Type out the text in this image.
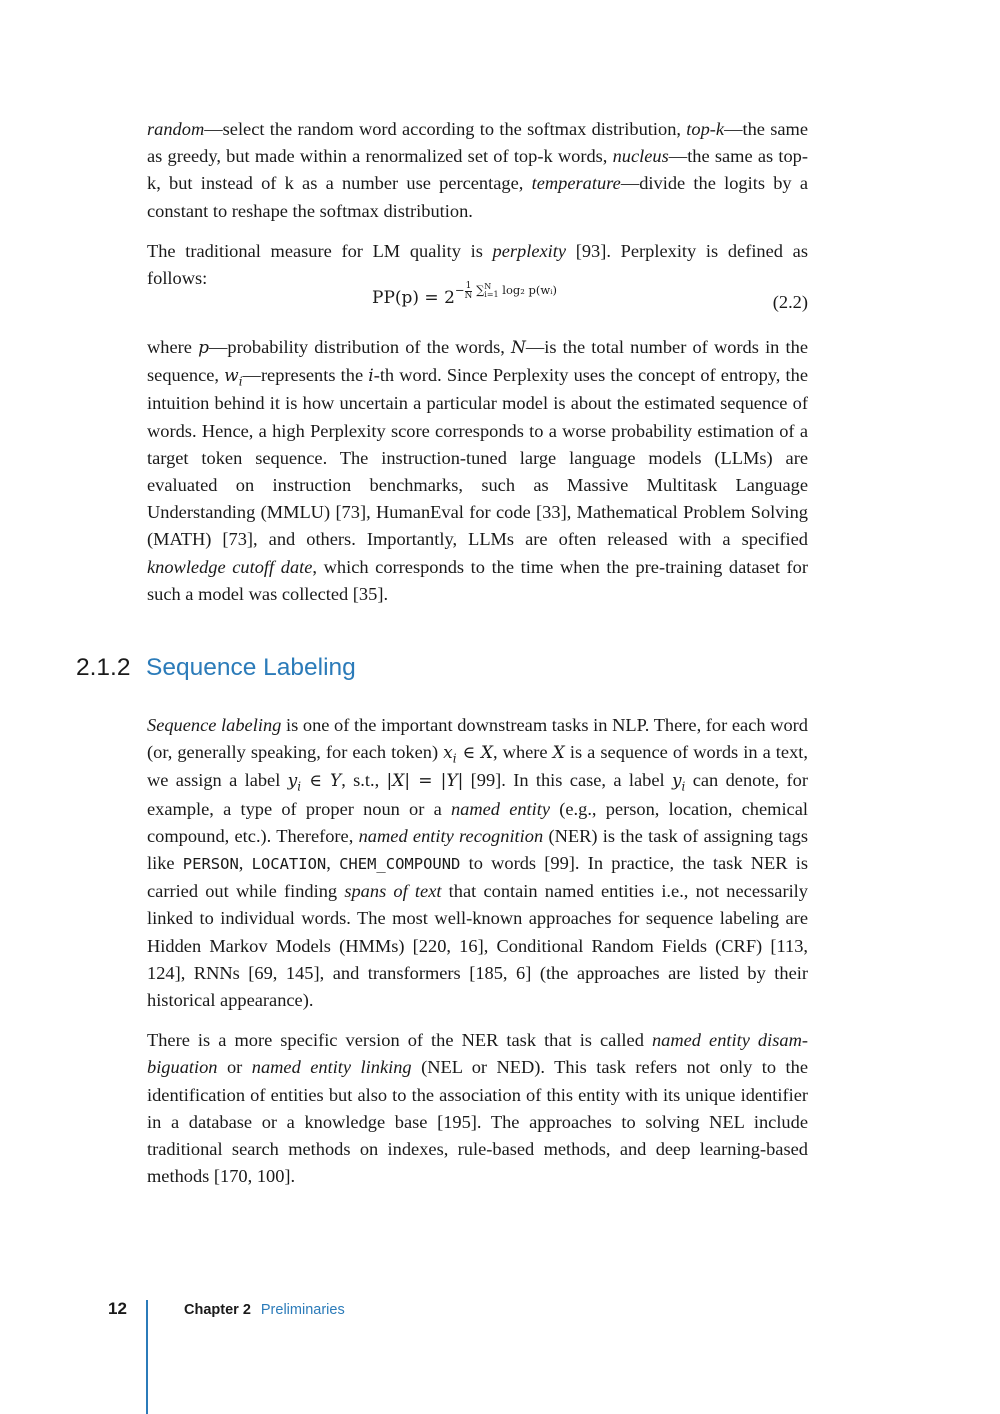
random—select the random word according to the softmax distribution, top-k—the same as greedy, but made within a renormalized set of top-k words, nucleus—the same as top-k, but instead of k as a number use percentage, temperature—divide the logits by a constant to reshape the softmax distribution.

The traditional measure for LM quality is perplexity [93]. Perplexity is defined as follows:

$PP(p) = 2^{- \frac{1}{N} \sum N i=1 log_2 p(wᵢ)}$
(2.2)

where p—probability distribution of the words, N—is the total number of words in the sequence, $w_i—represents$ the i-th word. Since Perplexity uses the concept of entropy, the intuition behind it is how uncertain a particular model is about the estimated sequence of words. Hence, a high Perplexity score corresponds to a worse probability estimation of a target token sequence. The instruction-tuned large language models (LLMs) are evaluated on instruction benchmarks, such as Massive Multitask Language Understanding (MMLU) [73], HumanEval for code [33], Mathematical Problem Solving (MATH) [73], and others. Importantly, LLMs are often released with a specified knowledge cutoff date, which corresponds to the time when the pre-training dataset for such a model was collected [35].

2.1.2 Sequence Labeling

Sequence labeling is one of the important downstream tasks in NLP. There, for each word (or, generally speaking, for each token) $x_i$ ∈ X, where X is a sequence of words in a text, we assign a label $y_i$ ∈ Y, s.t., |X| = |Y| [99]. In this case, a label $y_i$ can denote, for example, a type of proper noun or a named entity (e.g., person, location, chemical compound, etc.). Therefore, named entity recognition (NER) is the task of assigning tags like PERSON, LOCATION, CHEM_COMPOUND to words [99]. In practice, the task NER is carried out while finding spans of text that contain named entities i.e., not necessarily linked to individual words. The most well-known approaches for sequence labeling are Hidden Markov Models (HMMs) [220, 16], Conditional Random Fields (CRF) [113, 124], RNNs [69, 145], and transformers [185, 6] (the approaches are listed by their historical appearance).

There is a more specific version of the NER task that is called named entity disambiguation or named entity linking (NEL or NED). This task refers not only to the identification of entities but also to the association of this entity with its unique identifier in a database or a knowledge base [195]. The approaches to solving NEL include traditional search methods on indexes, rule-based methods, and deep learning-based methods [170, 100].

12	Chapter 2 Preliminaries
